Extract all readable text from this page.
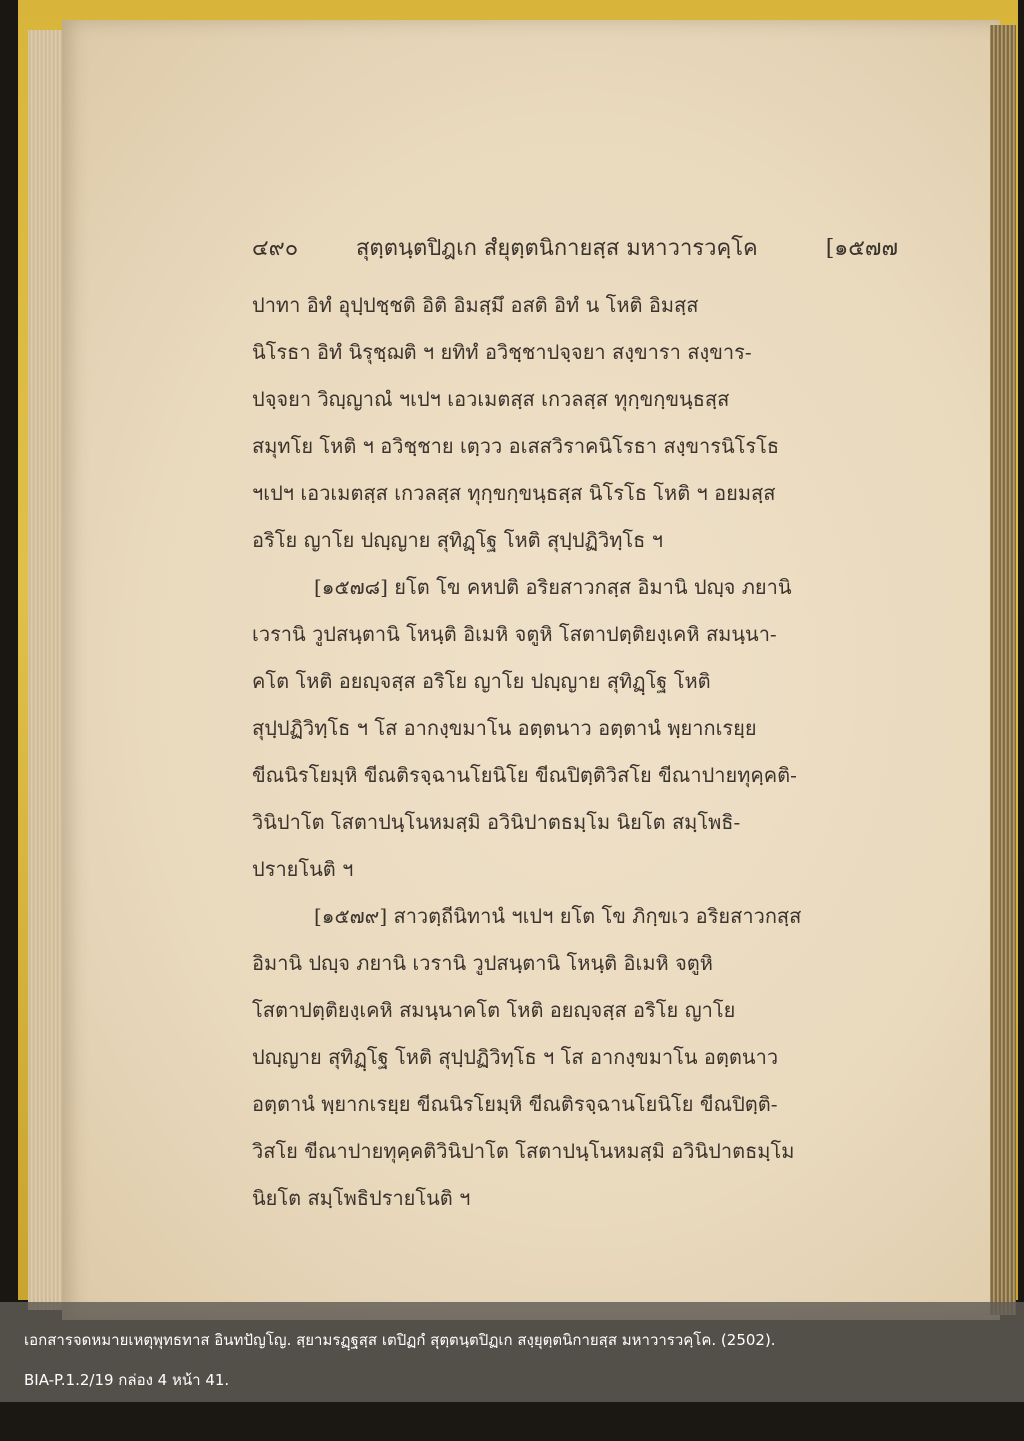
๔๙๐	สุตฺตนฺตปิฎเก สํยุตฺตนิกายสฺส มหาวารวคฺโค	[๑๕๗๗
ปาทา อิทํ อุปฺปชฺชติ อิติ อิมสฺมึ อสติ อิทํ น โหติ อิมสฺส
นิโรธา อิทํ นิรุชฺฌติ ฯ ยทิทํ อวิชฺชาปจฺจยา สงฺขารา สงฺขาร-
ปจฺจยา วิญฺญาณํ ฯเปฯ เอวเมตสฺส เกวลสฺส ทุกฺขกฺขนฺธสฺส
สมุทโย โหติ ฯ อวิชฺชาย เตฺวว อเสสวิราคนิโรธา สงฺขารนิโรโธ
ฯเปฯ เอวเมตสฺส เกวลสฺส ทุกฺขกฺขนฺธสฺส นิโรโธ โหติ ฯ อยมสฺส
อริโย ญาโย ปญฺญาย สุทิฏฺโฐ โหติ สุปฺปฏิวิทฺโธ ฯ
[๑๕๗๘] ยโต โข คหปติ อริยสาวกสฺส อิมานิ ปญฺจ ภยานิ
เวรานิ วูปสนฺตานิ โหนฺติ อิเมหิ จตูหิ โสตาปตฺติยงฺเคหิ สมนฺนา-
คโต โหติ อยญฺจสฺส อริโย ญาโย ปญฺญาย สุทิฏฺโฐ โหติ
สุปฺปฏิวิทฺโธ ฯ โส อากงฺขมาโน อตฺตนาว อตฺตานํ พฺยากเรยฺย
ขีณนิรโยมฺหิ ขีณติรจฺฉานโยนิโย ขีณปิตฺติวิสโย ขีณาปายทุคฺคติ-
วินิปาโต โสตาปนฺโนหมสฺมิ อวินิปาตธมฺโม นิยโต สมฺโพธิ-
ปรายโนติ ฯ
[๑๕๗๙] สาวตฺถีนิทานํ ฯเปฯ ยโต โข ภิกฺขเว อริยสาวกสฺส
อิมานิ ปญฺจ ภยานิ เวรานิ วูปสนฺตานิ โหนฺติ อิเมหิ จตูหิ
โสตาปตฺติยงฺเคหิ สมนฺนาคโต โหติ อยญฺจสฺส อริโย ญาโย
ปญฺญาย สุทิฏฺโฐ โหติ สุปฺปฏิวิทฺโธ ฯ โส อากงฺขมาโน อตฺตนาว
อตฺตานํ พฺยากเรยฺย ขีณนิรโยมฺหิ ขีณติรจฺฉานโยนิโย ขีณปิตฺติ-
วิสโย ขีณาปายทุคฺคติวินิปาโต โสตาปนฺโนหมสฺมิ อวินิปาตธมฺโม
นิยโต สมฺโพธิปรายโนติ ฯ

เอกสารจดหมายเหตุพุทธทาส อินทปัญโญ. สฺยามรฏฺฐสฺส เตปิฏกํ สุตฺตนฺตปิฏเก สงฺยุตฺตนิกายสฺส มหาวารวคฺโค. (2502).

BIA-P.1.2/19 กล่อง 4 หน้า 41.
